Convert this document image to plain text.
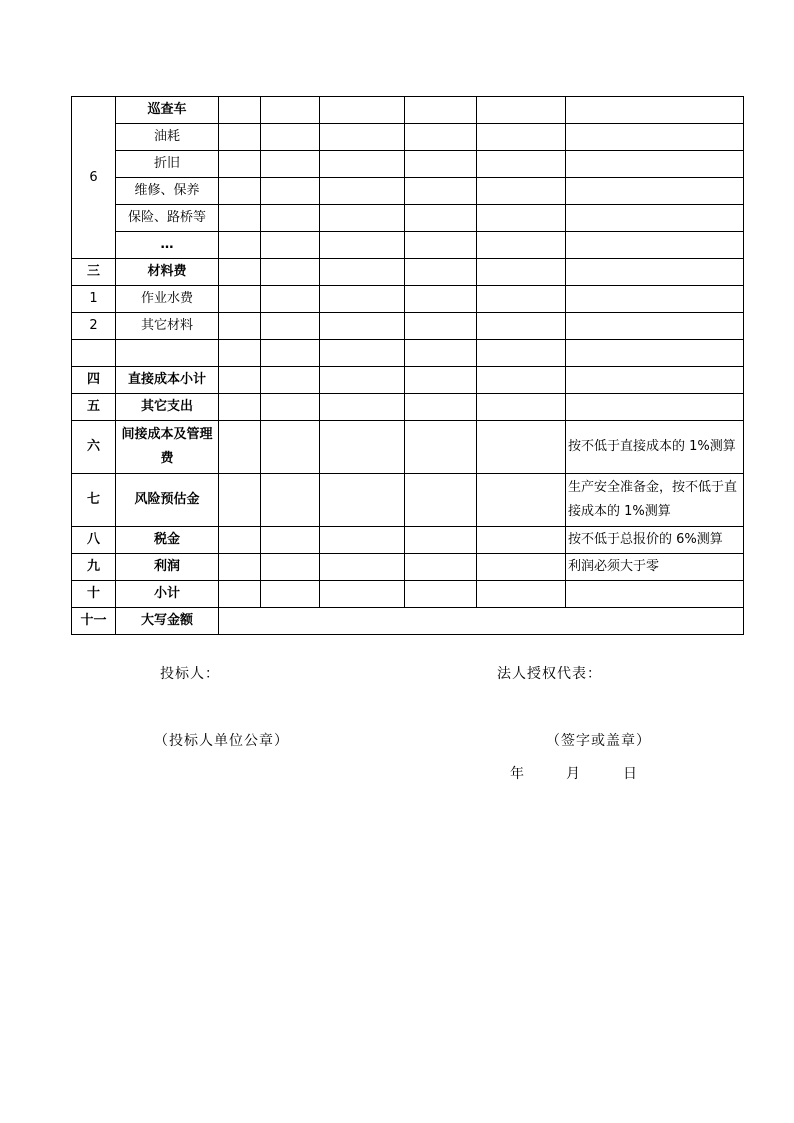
6	巡查车						
	油耗						
	折旧						
	维修、保养						
	保险、路桥等						
	…						
三	材料费						
1	作业水费						
2	其它材料						

四	直接成本小计						
五	其它支出						
六	间接成本及管理费						按不低于直接成本的 1%测算
七	风险预估金						生产安全准备金，按不低于直接成本的 1%测算
八	税金						按不低于总报价的 6%测算
九	利润						利润必须大于零
十	小计						
十一	大写金额						
投标人：	法人授权代表：
（投标人单位公章）	（签字或盖章）
年	月	日
